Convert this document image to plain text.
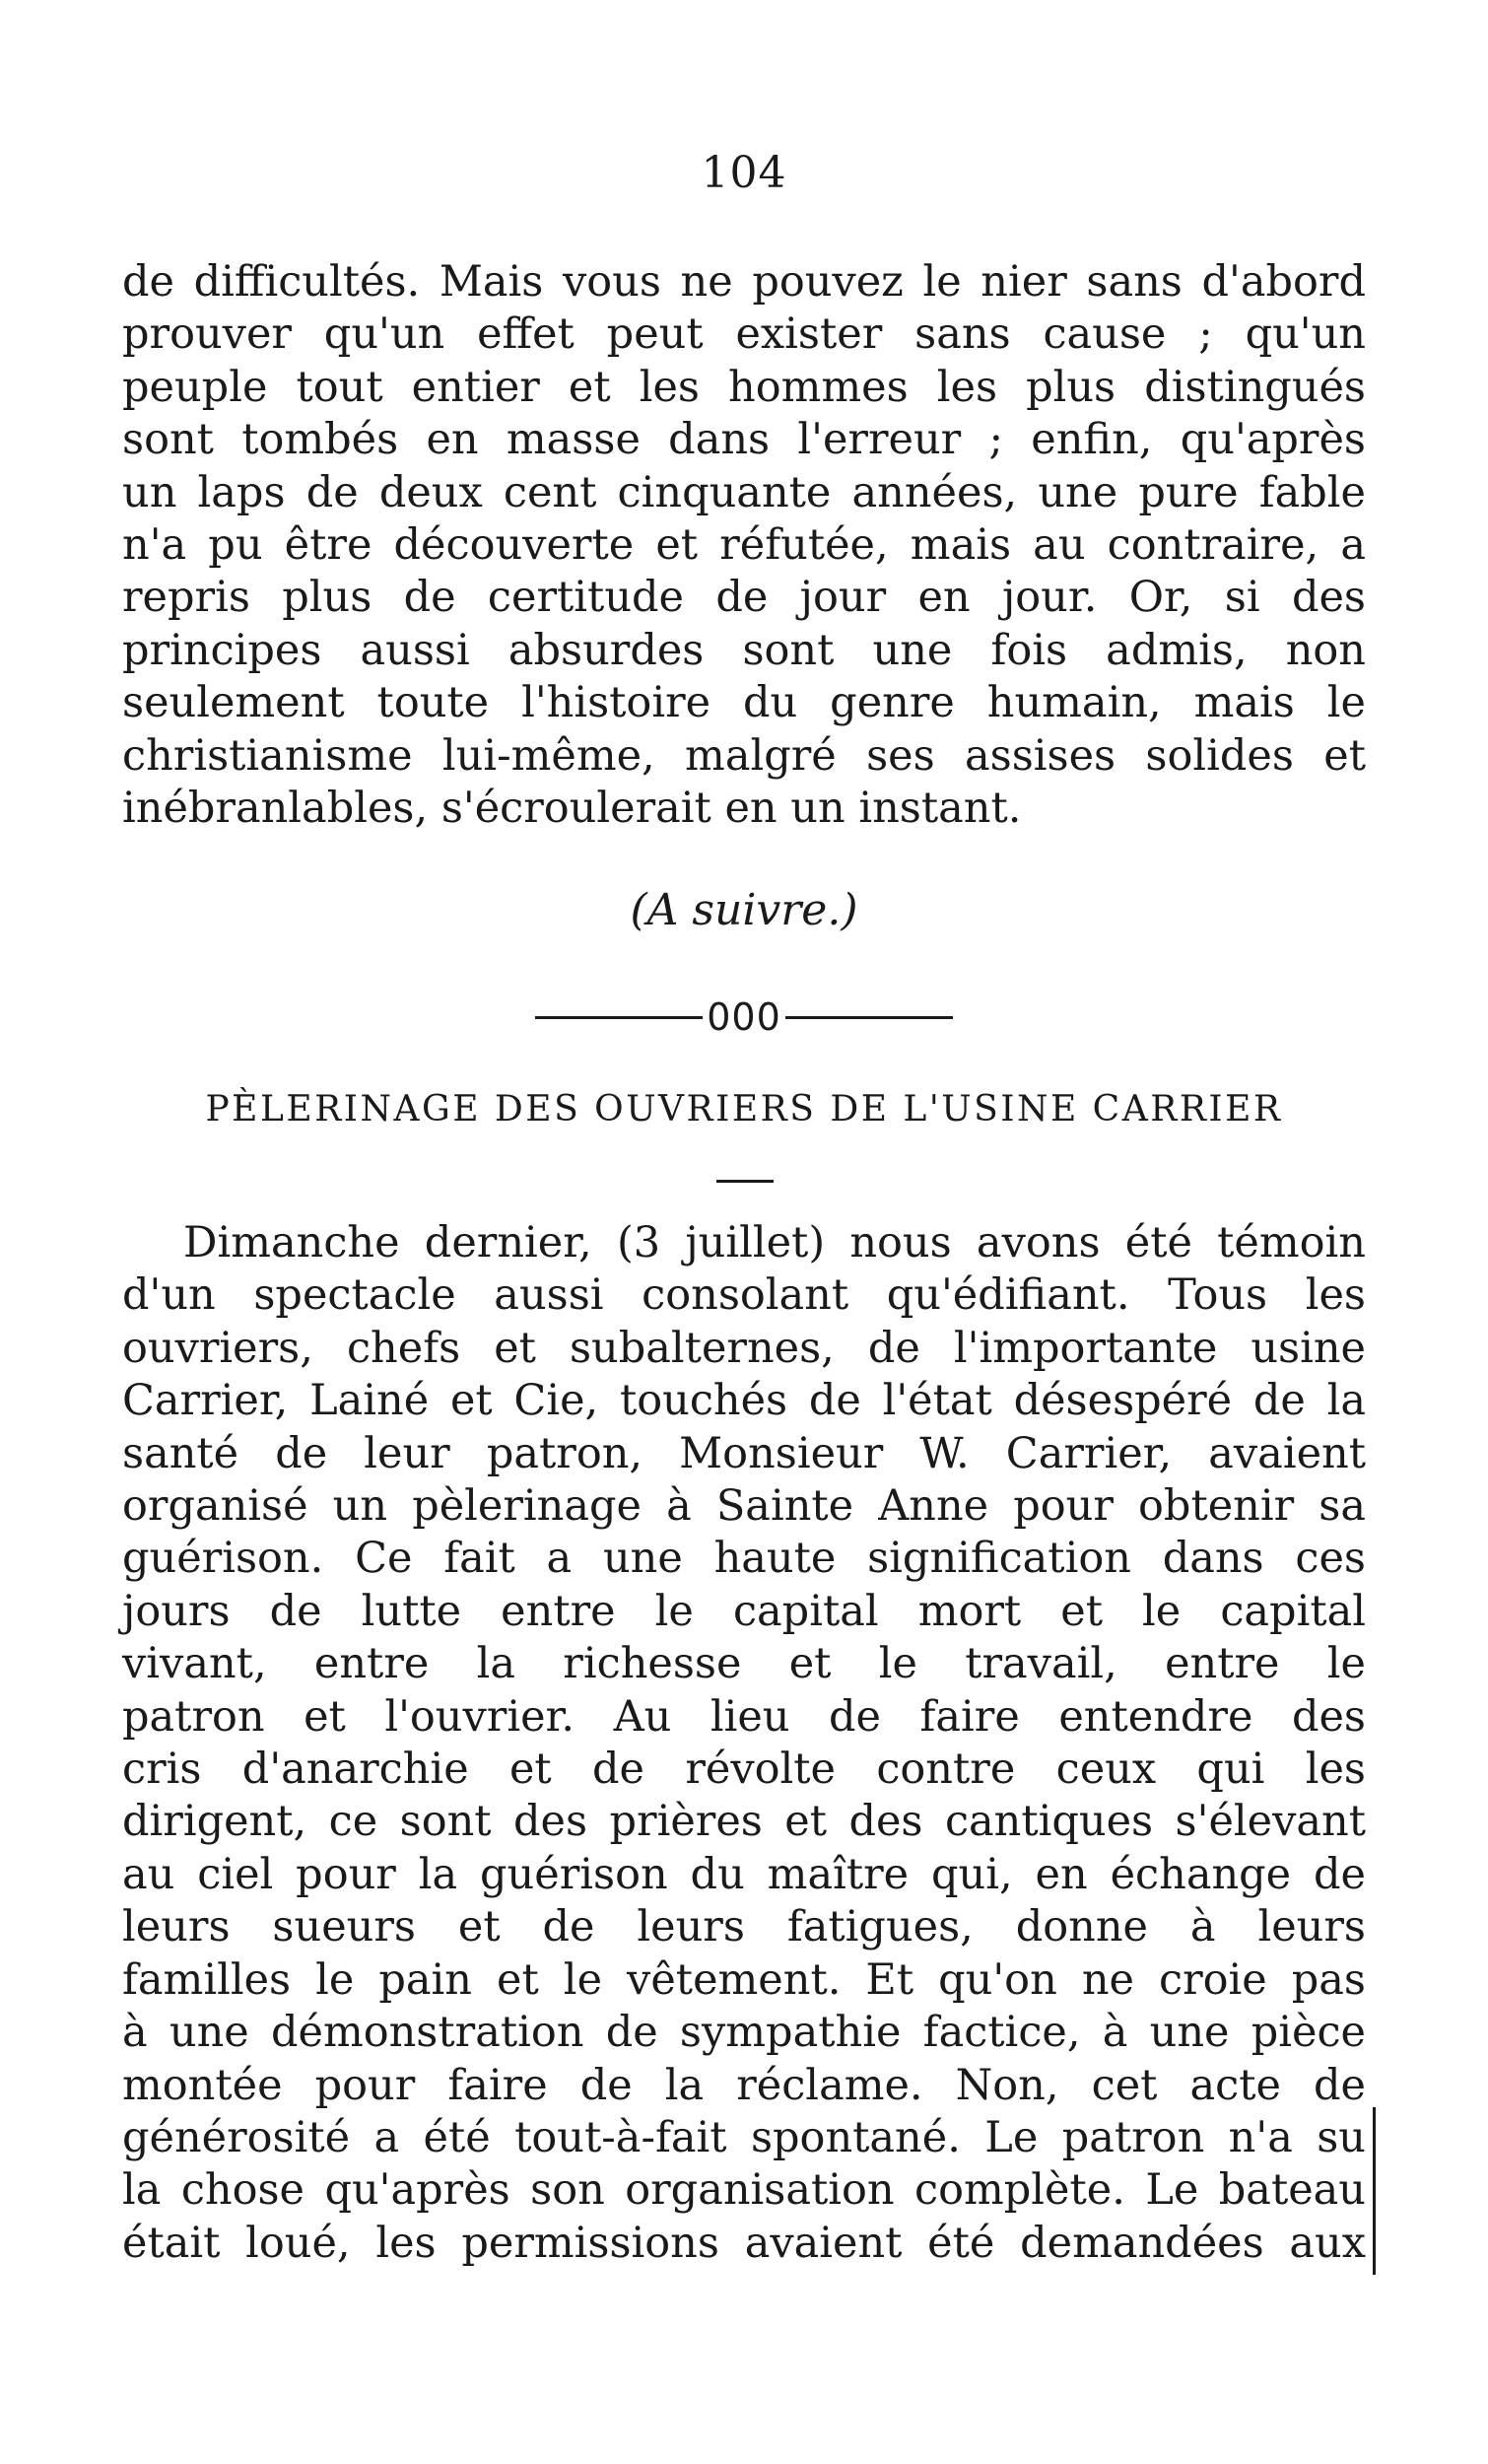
104
de difficultés. Mais vous ne pouvez le nier sans d'abord
prouver qu'un effet peut exister sans cause ; qu'un
peuple tout entier et les hommes les plus distingués
sont tombés en masse dans l'erreur ; enfin, qu'après
un laps de deux cent cinquante années, une pure fable
n'a pu être découverte et réfutée, mais au contraire, a
repris plus de certitude de jour en jour. Or, si des
principes aussi absurdes sont une fois admis, non
seulement toute l'histoire du genre humain, mais le
christianisme lui-même, malgré ses assises solides et
inébranlables, s'écroulerait en un instant.
(A suivre.)
000
PÈLERINAGE DES OUVRIERS DE L'USINE CARRIER
Dimanche dernier, (3 juillet) nous avons été témoin
d'un spectacle aussi consolant qu'édifiant. Tous les
ouvriers, chefs et subalternes, de l'importante usine
Carrier, Lainé et Cie, touchés de l'état désespéré de la
santé de leur patron, Monsieur W. Carrier, avaient
organisé un pèlerinage à Sainte Anne pour obtenir sa
guérison. Ce fait a une haute signification dans ces
jours de lutte entre le capital mort et le capital
vivant, entre la richesse et le travail, entre le
patron et l'ouvrier. Au lieu de faire entendre des
cris d'anarchie et de révolte contre ceux qui les
dirigent, ce sont des prières et des cantiques s'élevant
au ciel pour la guérison du maître qui, en échange de
leurs sueurs et de leurs fatigues, donne à leurs
familles le pain et le vêtement. Et qu'on ne croie pas
à une démonstration de sympathie factice, à une pièce
montée pour faire de la réclame. Non, cet acte de
générosité a été tout-à-fait spontané. Le patron n'a su
la chose qu'après son organisation complète. Le bateau
était loué, les permissions avaient été demandées aux
